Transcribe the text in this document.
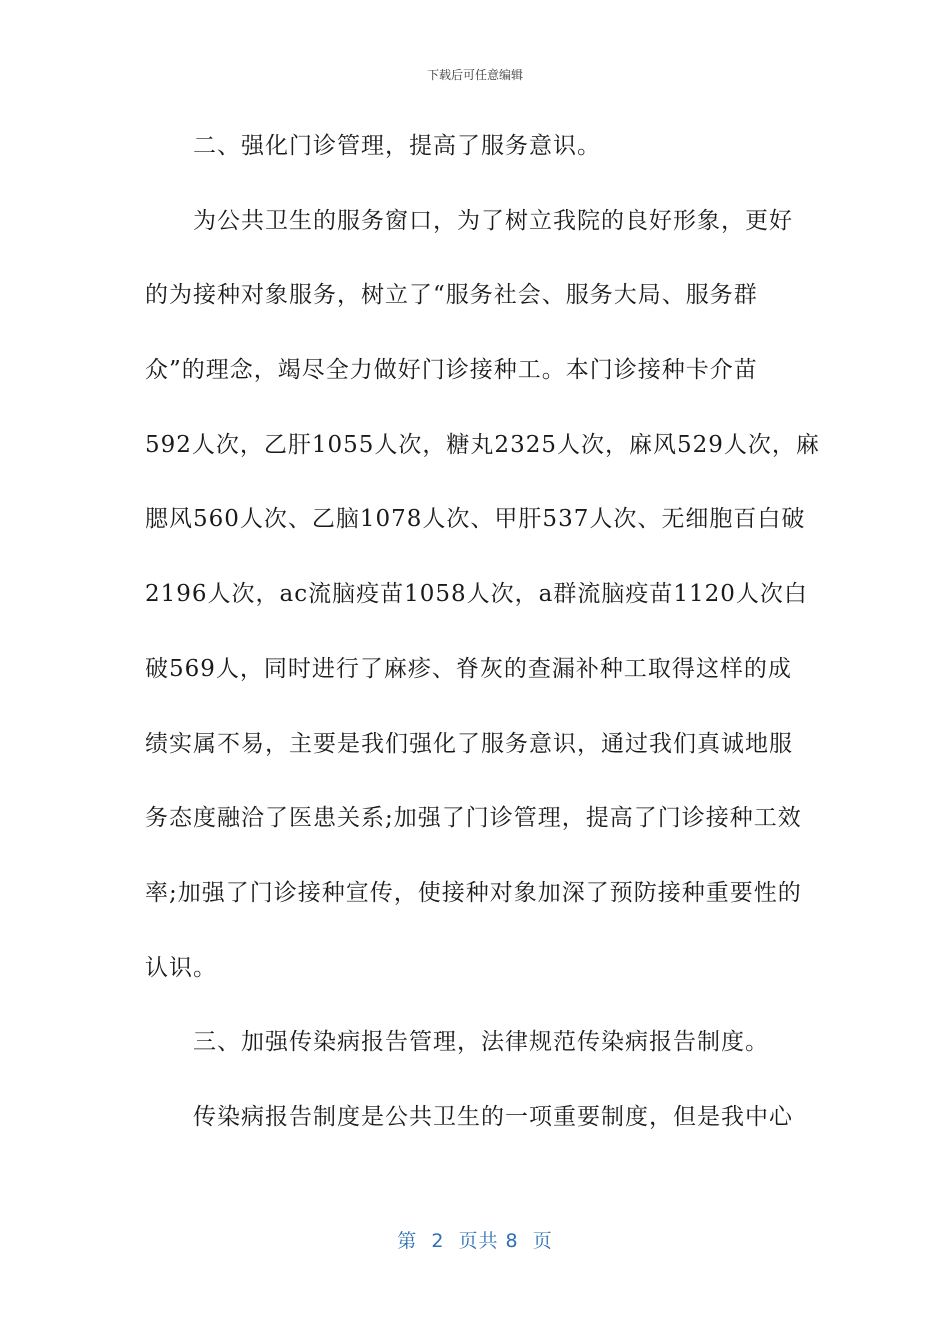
下载后可任意编辑
二、强化门诊管理，提高了服务意识。
为公共卫生的服务窗口，为了树立我院的良好形象，更好
的为接种对象服务，树立了“服务社会、服务大局、服务群
众”的理念，竭尽全力做好门诊接种工。本门诊接种卡介苗
592人次，乙肝1055人次，糖丸2325人次，麻风529人次，麻
腮风560人次、乙脑1078人次、甲肝537人次、无细胞百白破
2196人次，ac流脑疫苗1058人次，a群流脑疫苗1120人次白
破569人，同时进行了麻疹、脊灰的查漏补种工取得这样的成
绩实属不易，主要是我们强化了服务意识，通过我们真诚地服
务态度融洽了医患关系;加强了门诊管理，提高了门诊接种工效
率;加强了门诊接种宣传，使接种对象加深了预防接种重要性的
认识。
三、加强传染病报告管理，法律规范传染病报告制度。
传染病报告制度是公共卫生的一项重要制度，但是我中心
第  2  页共 8  页
